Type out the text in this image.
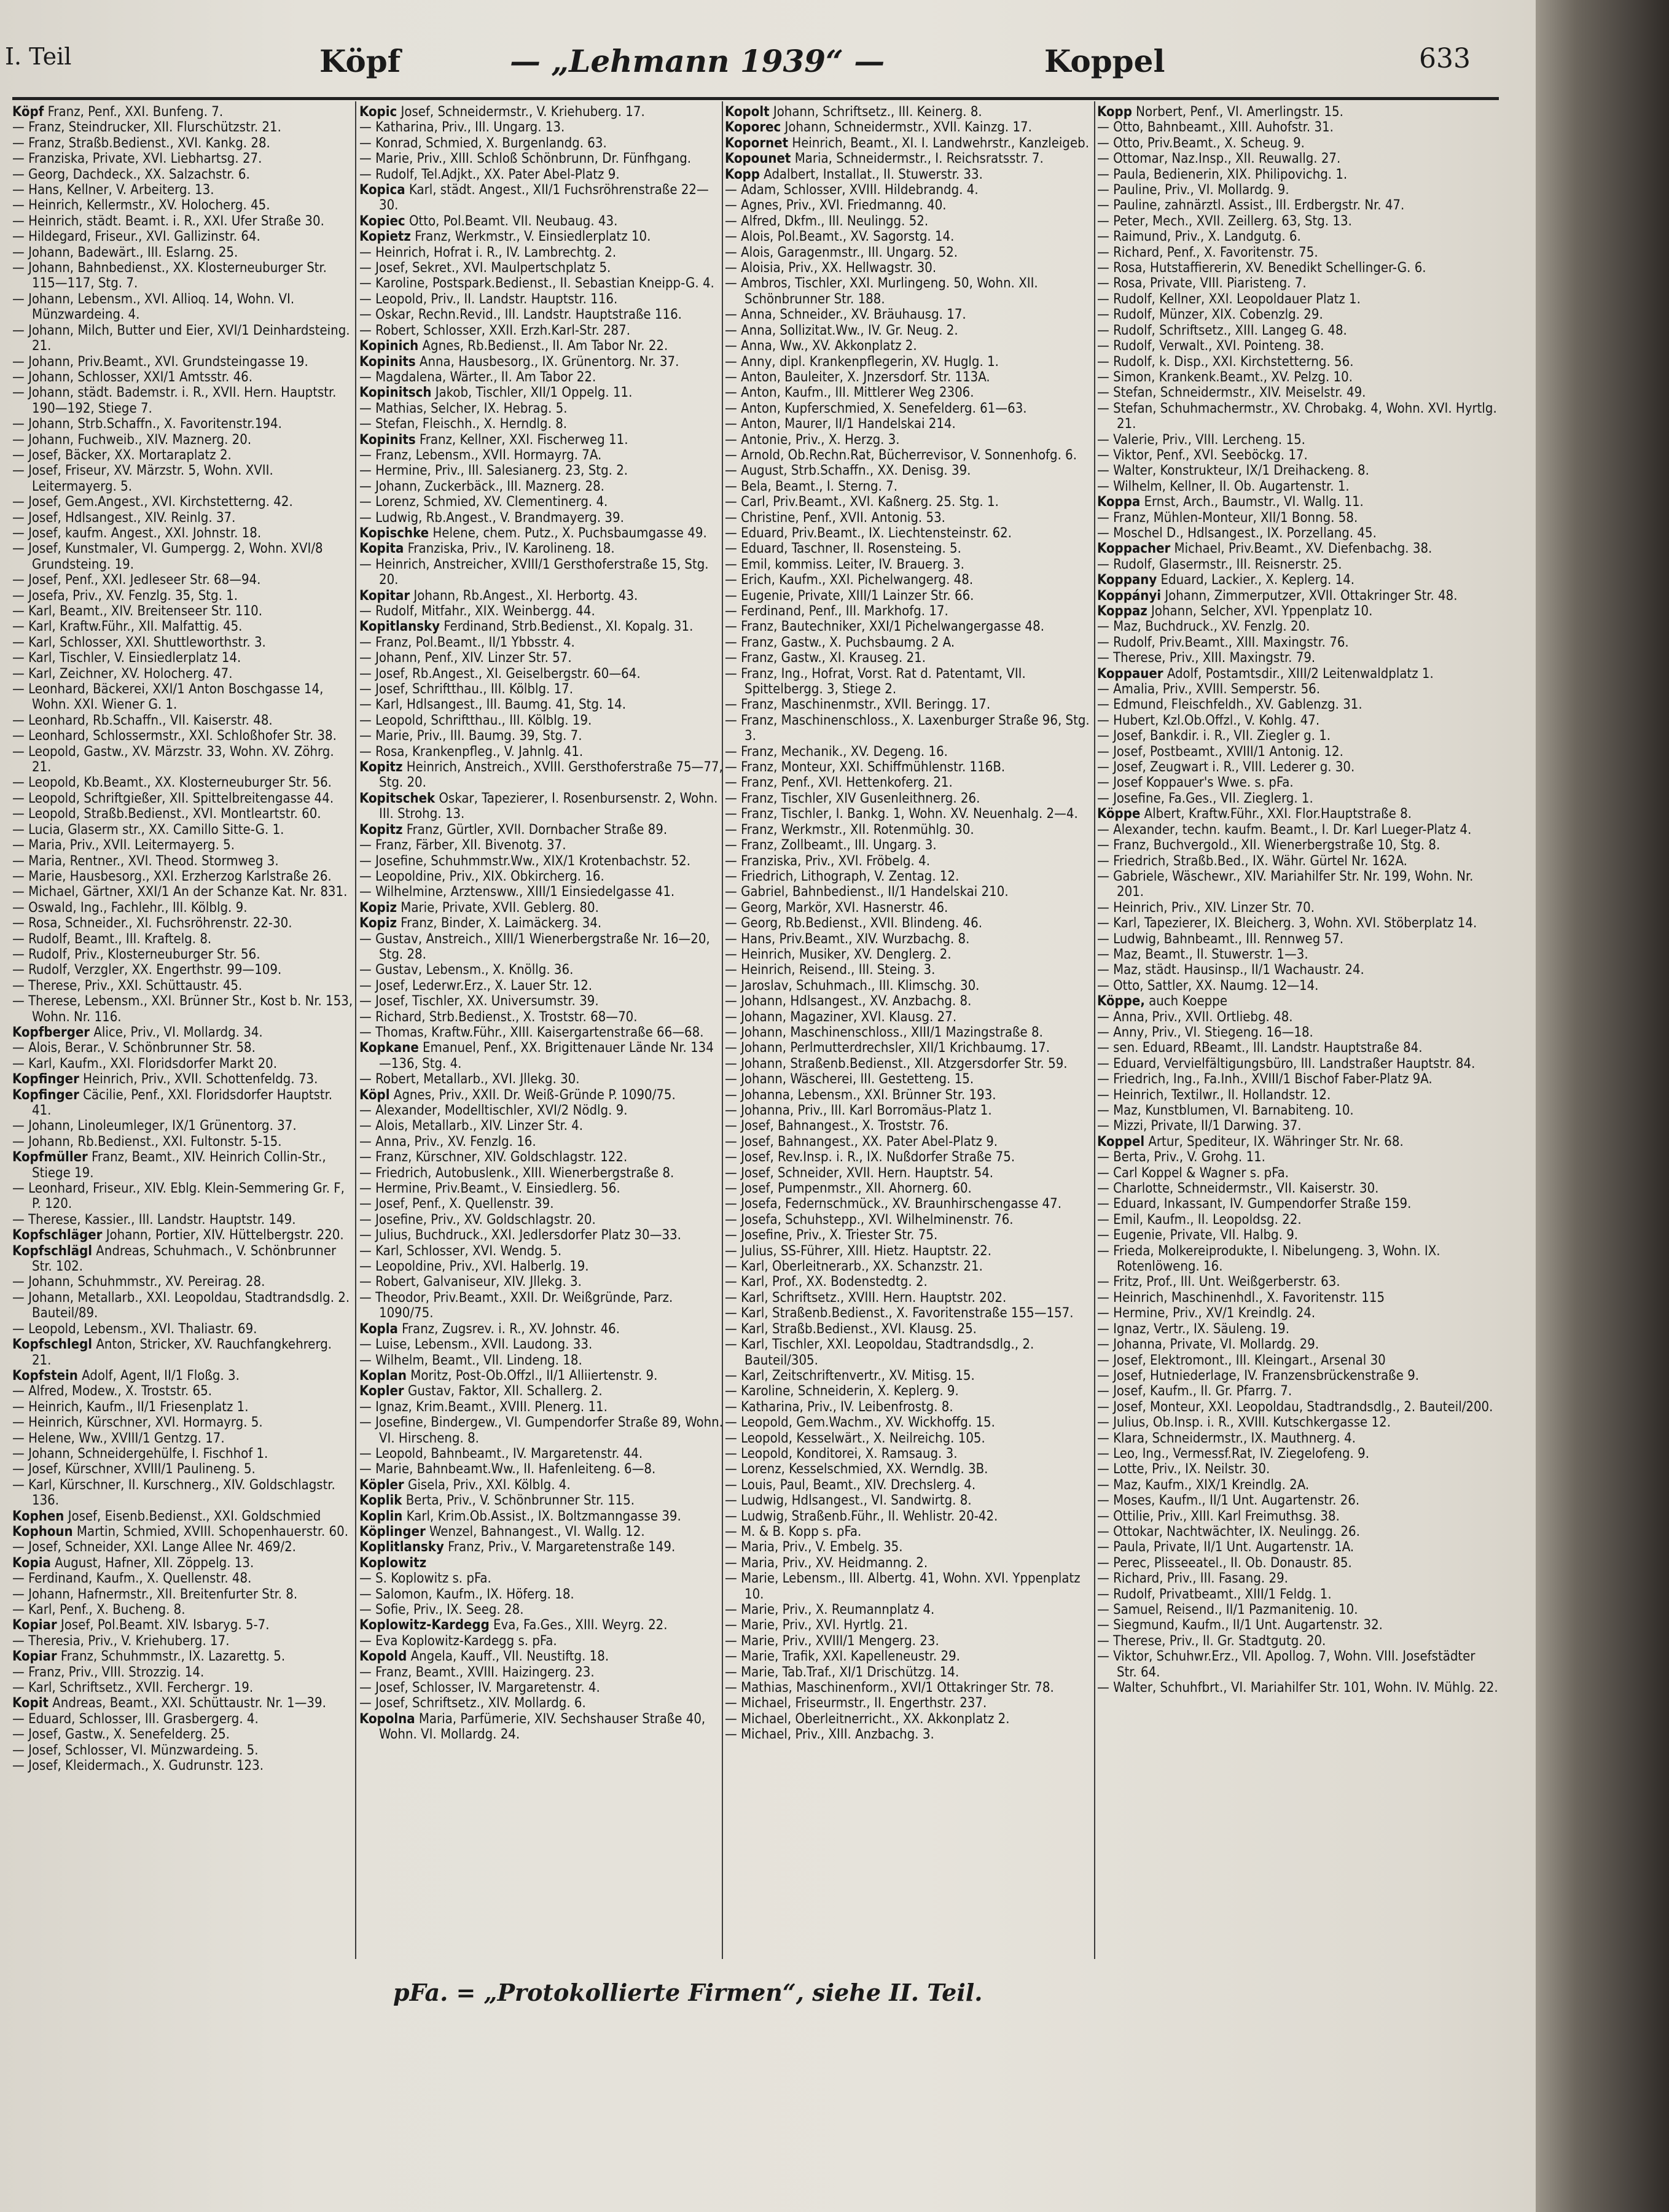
I. Teil	Köpf	— „Lehmann 1939“ —	Koppel	633

Köpf Franz, Penf., XXI. Bunfeng. 7.

— Franz, Steindrucker, XII. Flurschützstr. 21.

— Franz, Straßb.Bedienst., XVI. Kankg. 28.

— Franziska, Private, XVI. Liebhartsg. 27.

— Georg, Dachdeck., XX. Salzachstr. 6.

— Hans, Kellner, V. Arbeiterg. 13.

— Heinrich, Kellermstr., XV. Holocherg. 45.

— Heinrich, städt. Beamt. i. R., XXI. Ufer Straße 30.

— Hildegard, Friseur., XVI. Gallizinstr. 64.

— Johann, Badewärt., III. Eslarng. 25.

— Johann, Bahnbedienst., XX. Klosterneuburger Str. 115—117, Stg. 7.

— Johann, Lebensm., XVI. Allioq. 14, Wohn. VI. Münzwardeing. 4.

— Johann, Milch, Butter und Eier, XVI/1 Deinhardsteing. 21.

— Johann, Priv.Beamt., XVI. Grundsteingasse 19.

— Johann, Schlosser, XXI/1 Amtsstr. 46.

— Johann, städt. Bademstr. i. R., XVII. Hern. Hauptstr. 190—192, Stiege 7.

— Johann, Strb.Schaffn., X. Favoritenstr.194.

— Johann, Fuchweib., XIV. Maznerg. 20.

— Josef, Bäcker, XX. Mortaraplatz 2.

— Josef, Friseur, XV. Märzstr. 5, Wohn. XVII. Leitermayerg. 5.

— Josef, Gem.Angest., XVI. Kirchstetterng. 42.

— Josef, Hdlsangest., XIV. Reinlg. 37.

— Josef, kaufm. Angest., XXI. Johnstr. 18.

— Josef, Kunstmaler, VI. Gumpergg. 2, Wohn. XVI/8 Grundsteing. 19.

— Josef, Penf., XXI. Jedleseer Str. 68—94.

— Josefa, Priv., XV. Fenzlg. 35, Stg. 1.

— Karl, Beamt., XIV. Breitenseer Str. 110.

— Karl, Kraftw.Führ., XII. Malfattig. 45.

— Karl, Schlosser, XXI. Shuttleworthstr. 3.

— Karl, Tischler, V. Einsiedlerplatz 14.

— Karl, Zeichner, XV. Holocherg. 47.

— Leonhard, Bäckerei, XXI/1 Anton Boschgasse 14, Wohn. XXI. Wiener G. 1.

— Leonhard, Rb.Schaffn., VII. Kaiserstr. 48.

— Leonhard, Schlossermstr., XXI. Schloßhofer Str. 38.

— Leopold, Gastw., XV. Märzstr. 33, Wohn. XV. Zöhrg. 21.

— Leopold, Kb.Beamt., XX. Klosterneuburger Str. 56.

— Leopold, Schriftgießer, XII. Spittelbreitengasse 44.

— Leopold, Straßb.Bedienst., XVI. Montleartstr. 60.

— Lucia, Glaserm str., XX. Camillo Sitte-G. 1.

— Maria, Priv., XVII. Leitermayerg. 5.

— Maria, Rentner., XVI. Theod. Stormweg 3.

— Marie, Hausbesorg., XXI. Erzherzog Karlstraße 26.

— Michael, Gärtner, XXI/1 An der Schanze Kat. Nr. 831.

— Oswald, Ing., Fachlehr., III. Kölblg. 9.

— Rosa, Schneider., XI. Fuchsröhrenstr. 22-30.

— Rudolf, Beamt., III. Kraftelg. 8.

— Rudolf, Priv., Klosterneuburger Str. 56.

— Rudolf, Verzgler, XX. Engerthstr. 99—109.

— Therese, Priv., XXI. Schüttaustr. 45.

— Therese, Lebensm., XXI. Brünner Str., Kost b. Nr. 153, Wohn. Nr. 116.

Kopfberger Alice, Priv., VI. Mollardg. 34.

— Alois, Berar., V. Schönbrunner Str. 58.

— Karl, Kaufm., XXI. Floridsdorfer Markt 20.

Kopfinger Heinrich, Priv., XVII. Schottenfeldg. 73.

Kopfinger Cäcilie, Penf., XXI. Floridsdorfer Hauptstr. 41.

— Johann, Linoleumleger, IX/1 Grünentorg. 37.

— Johann, Rb.Bedienst., XXI. Fultonstr. 5-15.

Kopfmüller Franz, Beamt., XIV. Heinrich Collin-Str., Stiege 19.

— Leonhard, Friseur., XIV. Eblg. Klein-Semmering Gr. F, P. 120.

— Therese, Kassier., III. Landstr. Hauptstr. 149.

Kopfschläger Johann, Portier, XIV. Hüttelbergstr. 220.

Kopfschlägl Andreas, Schuhmach., V. Schönbrunner Str. 102.

— Johann, Schuhmmstr., XV. Pereirag. 28.

— Johann, Metallarb., XXI. Leopoldau, Stadtrandsdlg. 2. Bauteil/89.

— Leopold, Lebensm., XVI. Thaliastr. 69.

Kopfschlegl Anton, Stricker, XV. Rauchfangkehrerg. 21.

Kopfstein Adolf, Agent, II/1 Floßg. 3.

— Alfred, Modew., X. Troststr. 65.

— Heinrich, Kaufm., II/1 Friesenplatz 1.

— Heinrich, Kürschner, XVI. Hormayrg. 5.

— Helene, Ww., XVIII/1 Gentzg. 17.

— Johann, Schneidergehülfe, I. Fischhof 1.

— Josef, Kürschner, XVIII/1 Paulineng. 5.

— Karl, Kürschner, II. Kurschnerg., XIV. Goldschlagstr. 136.

Kophen Josef, Eisenb.Bedienst., XXI. Goldschmied

Kophoun Martin, Schmied, XVIII. Schopenhauerstr. 60.

— Josef, Schneider, XXI. Lange Allee Nr. 469/2.

Kopia August, Hafner, XII. Zöppelg. 13.

— Ferdinand, Kaufm., X. Quellenstr. 48.

— Johann, Hafnermstr., XII. Breitenfurter Str. 8.

— Karl, Penf., X. Bucheng. 8.

Kopiar Josef, Pol.Beamt. XIV. Isbaryg. 5-7.

— Theresia, Priv., V. Kriehuberg. 17.

Kopiar Franz, Schuhmmstr., IX. Lazarettg. 5.

— Franz, Priv., VIII. Strozzig. 14.

— Karl, Schriftsetz., XVII. Ferchergг. 19.

Kopit Andreas, Beamt., XXI. Schüttaustr. Nr. 1—39.

— Eduard, Schlosser, III. Grasbergerg. 4.

— Josef, Gastw., X. Senefelderg. 25.

— Josef, Schlosser, VI. Münzwardeing. 5.

— Josef, Kleidermach., X. Gudrunstr. 123.

Kopic Josef, Schneidermstr., V. Kriehuberg. 17.

— Katharina, Priv., III. Ungarg. 13.

— Konrad, Schmied, X. Burgenlandg. 63.

— Marie, Priv., XIII. Schloß Schönbrunn, Dr. Fünfhgang.

— Rudolf, Tel.Adjkt., XX. Pater Abel-Platz 9.

Kopica Karl, städt. Angest., XII/1 Fuchsröhrenstraße 22—30.

Kopiec Otto, Pol.Beamt. VII. Neubaug. 43.

Kopietz Franz, Werkmstr., V. Einsiedlerplatz 10.

— Heinrich, Hofrat i. R., IV. Lambrechtg. 2.

— Josef, Sekret., XVI. Maulpertschplatz 5.

— Karoline, Postspark.Bedienst., II. Sebastian Kneipp-G. 4.

— Leopold, Priv., II. Landstr. Hauptstr. 116.

— Oskar, Rechn.Revid., III. Landstr. Hauptstraße 116.

— Robert, Schlosser, XXII. Erzh.Karl-Str. 287.

Kopinich Agnes, Rb.Bedienst., II. Am Tabor Nr. 22.

Kopinits Anna, Hausbesorg., IX. Grünentorg. Nr. 37.

— Magdalena, Wärter., II. Am Tabor 22.

Kopinitsch Jakob, Tischler, XII/1 Oppelg. 11.

— Mathias, Selcher, IX. Hebrag. 5.

— Stefan, Fleischh., X. Herndlg. 8.

Kopinits Franz, Kellner, XXI. Fischerweg 11.

— Franz, Lebensm., XVII. Hormayrg. 7A.

— Hermine, Priv., III. Salesianerg. 23, Stg. 2.

— Johann, Zuckerbäck., III. Maznerg. 28.

— Lorenz, Schmied, XV. Clementinerg. 4.

— Ludwig, Rb.Angest., V. Brandmayerg. 39.

Kopischke Helene, chem. Putz., X. Puchsbaumgasse 49.

Kopita Franziska, Priv., IV. Karolineng. 18.

— Heinrich, Anstreicher, XVIII/1 Gersthoferstraße 15, Stg. 20.

Kopitar Johann, Rb.Angest., XI. Herbortg. 43.

— Rudolf, Mitfahr., XIX. Weinbergg. 44.

Kopitlansky Ferdinand, Strb.Bedienst., XI. Kopalg. 31.

— Franz, Pol.Beamt., II/1 Ybbsstr. 4.

— Johann, Penf., XIV. Linzer Str. 57.

— Josef, Rb.Angest., XI. Geiselbergstr. 60—64.

— Josef, Schriftthau., III. Kölblg. 17.

— Karl, Hdlsangest., III. Baumg. 41, Stg. 14.

— Leopold, Schriftthau., III. Kölblg. 19.

— Marie, Priv., III. Baumg. 39, Stg. 7.

— Rosa, Krankenpfleg., V. Jahnlg. 41.

Kopitz Heinrich, Anstreich., XVIII. Gersthoferstraße 75—77, Stg. 20.

Kopitschek Oskar, Tapezierer, I. Rosenbursenstr. 2, Wohn. III. Strohg. 13.

Kopitz Franz, Gürtler, XVII. Dornbacher Straße 89.

— Franz, Färber, XII. Bivenotg. 37.

— Josefine, Schuhmmstr.Ww., XIX/1 Krotenbachstr. 52.

— Leopoldine, Priv., XIX. Obkircherg. 16.

— Wilhelmine, Arztensww., XIII/1 Einsiedelgasse 41.

Kopiz Marie, Private, XVII. Geblerg. 80.

Kopiz Franz, Binder, X. Laimäckerg. 34.

— Gustav, Anstreich., XIII/1 Wienerbergstraße Nr. 16—20, Stg. 28.

— Gustav, Lebensm., X. Knöllg. 36.

— Josef, Lederwr.Erz., X. Lauer Str. 12.

— Josef, Tischler, XX. Universumstr. 39.

— Richard, Strb.Bedienst., X. Troststr. 68—70.

— Thomas, Kraftw.Führ., XIII. Kaisergartenstraße 66—68.

Kopkane Emanuel, Penf., XX. Brigittenauer Lände Nr. 134—136, Stg. 4.

— Robert, Metallarb., XVI. Jllekg. 30.

Köpl Agnes, Priv., XXII. Dr. Weiß-Gründe P. 1090/75.

— Alexander, Modelltischler, XVI/2 Nödlg. 9.

— Alois, Metallarb., XIV. Linzer Str. 4.

— Anna, Priv., XV. Fenzlg. 16.

— Franz, Kürschner, XIV. Goldschlagstr. 122.

— Friedrich, Autobuslenk., XIII. Wienerbergstraße 8.

— Hermine, Priv.Beamt., V. Einsiedlerg. 56.

— Josef, Penf., X. Quellenstr. 39.

— Josefine, Priv., XV. Goldschlagstr. 20.

— Julius, Buchdruck., XXI. Jedlersdorfer Platz 30—33.

— Karl, Schlosser, XVI. Wendg. 5.

— Leopoldine, Priv., XVI. Halberlg. 19.

— Robert, Galvaniseur, XIV. Jllekg. 3.

— Theodor, Priv.Beamt., XXII. Dr. Weißgründe, Parz. 1090/75.

Kopla Franz, Zugsrev. i. R., XV. Johnstr. 46.

— Luise, Lebensm., XVII. Laudong. 33.

— Wilhelm, Beamt., VII. Lindeng. 18.

Koplan Moritz, Post-Ob.Offzl., II/1 Alliiertenstr. 9.

Kopler Gustav, Faktor, XII. Schallerg. 2.

— Ignaz, Krim.Beamt., XVIII. Plenerg. 11.

— Josefine, Bindergew., VI. Gumpendorfer Straße 89, Wohn. VI. Hirscheng. 8.

— Leopold, Bahnbeamt., IV. Margaretenstr. 44.

— Marie, Bahnbeamt.Ww., II. Hafenleiteng. 6—8.

Köpler Gisela, Priv., XXI. Kölblg. 4.

Koplik Berta, Priv., V. Schönbrunner Str. 115.

Koplin Karl, Krim.Ob.Assist., IX. Boltzmanngasse 39.

Köplinger Wenzel, Bahnangest., VI. Wallg. 12.

Koplitlansky Franz, Priv., V. Margaretenstraße 149.

Koplowitz

— S. Koplowitz s. pFa.

— Salomon, Kaufm., IX. Höferg. 18.

— Sofie, Priv., IX. Seeg. 28.

Koplowitz-Kardegg Eva, Fa.Ges., XIII. Weyrg. 22.

— Eva Koplowitz-Kardegg s. pFa.

Kopold Angela, Kauff., VII. Neustiftg. 18.

— Franz, Beamt., XVIII. Haizingerg. 23.

— Josef, Schlosser, IV. Margaretenstr. 4.

— Josef, Schriftsetz., XIV. Mollardg. 6.

Kopolna Maria, Parfümerie, XIV. Sechshauser Straße 40, Wohn. VI. Mollardg. 24.

Kopolt Johann, Schriftsetz., III. Keinerg. 8.

Koporec Johann, Schneidermstr., XVII. Kainzg. 17.

Kopornet Heinrich, Beamt., XI. I. Landwehrstr., Kanzleigeb.

Kopounet Maria, Schneidermstr., I. Reichsratsstr. 7.

Kopp Adalbert, Installat., II. Stuwerstr. 33.

— Adam, Schlosser, XVIII. Hildebrandg. 4.

— Agnes, Priv., XVI. Friedmanng. 40.

— Alfred, Dkfm., III. Neulingg. 52.

— Alois, Pol.Beamt., XV. Sagorstg. 14.

— Alois, Garagenmstr., III. Ungarg. 52.

— Aloisia, Priv., XX. Hellwagstr. 30.

— Ambros, Tischler, XXI. Murlingeng. 50, Wohn. XII. Schönbrunner Str. 188.

— Anna, Schneider., XV. Bräuhausg. 17.

— Anna, Sollizitat.Ww., IV. Gr. Neug. 2.

— Anna, Ww., XV. Akkonplatz 2.

— Anny, dipl. Krankenpflegerin, XV. Huglg. 1.

— Anton, Bauleiter, X. Jnzersdorf. Str. 113A.

— Anton, Kaufm., III. Mittlerer Weg 2306.

— Anton, Kupferschmied, X. Senefelderg. 61—63.

— Anton, Maurer, II/1 Handelskai 214.

— Antonie, Priv., X. Herzg. 3.

— Arnold, Ob.Rechn.Rat, Bücherrevisor, V. Sonnenhofg. 6.

— August, Strb.Schaffn., XX. Denisg. 39.

— Bela, Beamt., I. Sterng. 7.

— Carl, Priv.Beamt., XVI. Kaßnerg. 25. Stg. 1.

— Christine, Penf., XVII. Antonig. 53.

— Eduard, Priv.Beamt., IX. Liechtensteinstr. 62.

— Eduard, Taschner, II. Rosensteing. 5.

— Emil, kommiss. Leiter, IV. Brauerg. 3.

— Erich, Kaufm., XXI. Pichelwangerg. 48.

— Eugenie, Private, XIII/1 Lainzer Str. 66.

— Ferdinand, Penf., III. Markhofg. 17.

— Franz, Bautechniker, XXI/1 Pichelwangergasse 48.

— Franz, Gastw., X. Puchsbaumg. 2 A.

— Franz, Gastw., XI. Krauseg. 21.

— Franz, Ing., Hofrat, Vorst. Rat d. Patentamt, VII. Spittelbergg. 3, Stiege 2.

— Franz, Maschinenmstr., XVII. Beringg. 17.

— Franz, Maschinenschloss., X. Laxenburger Straße 96, Stg. 3.

— Franz, Mechanik., XV. Degeng. 16.

— Franz, Monteur, XXI. Schiffmühlenstr. 116B.

— Franz, Penf., XVI. Hettenkoferg. 21.

— Franz, Tischler, XIV Gusenleithnerg. 26.

— Franz, Tischler, I. Bankg. 1, Wohn. XV. Neuenhalg. 2—4.

— Franz, Werkmstr., XII. Rotenmühlg. 30.

— Franz, Zollbeamt., III. Ungarg. 3.

— Franziska, Priv., XVI. Fröbelg. 4.

— Friedrich, Lithograph, V. Zentag. 12.

— Gabriel, Bahnbedienst., II/1 Handelskai 210.

— Georg, Markör, XVI. Hasnerstr. 46.

— Georg, Rb.Bedienst., XVII. Blindeng. 46.

— Hans, Priv.Beamt., XIV. Wurzbachg. 8.

— Heinrich, Musiker, XV. Denglerg. 2.

— Heinrich, Reisend., III. Steing. 3.

— Jaroslav, Schuhmach., III. Klimschg. 30.

— Johann, Hdlsangest., XV. Anzbachg. 8.

— Johann, Magaziner, XVI. Klausg. 27.

— Johann, Maschinenschloss., XIII/1 Mazingstraße 8.

— Johann, Perlmutterdrechsler, XII/1 Krichbaumg. 17.

— Johann, Straßenb.Bedienst., XII. Atzgersdorfer Str. 59.

— Johann, Wäschereі, III. Gestetteng. 15.

— Johanna, Lebensm., XXI. Brünner Str. 193.

— Johanna, Priv., III. Karl Borromäus-Platz 1.

— Josef, Bahnangest., X. Troststr. 76.

— Josef, Bahnangest., XX. Pater Abel-Platz 9.

— Josef, Rev.Insp. i. R., IX. Nußdorfer Straße 75.

— Josef, Schneider, XVII. Hern. Hauptstr. 54.

— Josef, Pumpenmstr., XII. Ahornerg. 60.

— Josefa, Federnschmück., XV. Braunhirschengasse 47.

— Josefa, Schuhstepp., XVI. Wilhelminenstr. 76.

— Josefine, Priv., X. Triester Str. 75.

— Julius, SS-Führer, XIII. Hietz. Hauptstr. 22.

— Karl, Oberleitnerarb., XX. Schanzstr. 21.

— Karl, Prof., XX. Bodenstedtg. 2.

— Karl, Schriftsetz., XVIII. Hern. Hauptstr. 202.

— Karl, Straßenb.Bedienst., X. Favoritenstraße 155—157.

— Karl, Straßb.Bedienst., XVI. Klausg. 25.

— Karl, Tischler, XXI. Leopoldau, Stadtrandsdlg., 2. Bauteil/305.

— Karl, Zeitschriftenvertr., XV. Mitisg. 15.

— Karoline, Schneiderin, X. Keplerg. 9.

— Katharina, Priv., IV. Leibenfrostg. 8.

— Leopold, Gem.Wachm., XV. Wickhoffg. 15.

— Leopold, Kesselwärt., X. Neilreichg. 105.

— Leopold, Konditorei, X. Ramsaug. 3.

— Lorenz, Kesselschmied, XX. Werndlg. 3B.

— Louis, Paul, Beamt., XIV. Drechslerg. 4.

— Ludwig, Hdlsangest., VI. Sandwirtg. 8.

— Ludwig, Straßenb.Führ., II. Wehlistr. 20-42.

— M. & B. Kopp s. pFa.

— Maria, Priv., V. Embelg. 35.

— Maria, Priv., XV. Heidmanng. 2.

— Marie, Lebensm., III. Albertg. 41, Wohn. XVI. Yppenplatz 10.

— Marie, Priv., X. Reumannplatz 4.

— Marie, Priv., XVI. Hyrtlg. 21.

— Marie, Priv., XVIII/1 Mengerg. 23.

— Marie, Trafik, XXI. Kapelleneustr. 29.

— Marie, Tab.Traf., XI/1 Drischützg. 14.

— Mathias, Maschinenform., XVI/1 Ottakringer Str. 78.

— Michael, Friseurmstr., II. Engerthstr. 237.

— Michael, Oberleitnerricht., XX. Akkonplatz 2.

— Michael, Priv., XIII. Anzbachg. 3.

Kopp Norbert, Penf., VI. Amerlingstr. 15.

— Otto, Bahnbeamt., XIII. Auhofstr. 31.

— Otto, Priv.Beamt., X. Scheug. 9.

— Ottomar, Naz.Insp., XII. Reuwallg. 27.

— Paula, Bedienerin, XIX. Philipovichg. 1.

— Pauline, Priv., VI. Mollardg. 9.

— Pauline, zahnärztl. Assist., III. Erdbergstr. Nr. 47.

— Peter, Mech., XVII. Zeillerg. 63, Stg. 13.

— Raimund, Priv., X. Landgutg. 6.

— Richard, Penf., X. Favoritenstr. 75.

— Rosa, Hutstaffiererin, XV. Benedikt Schellinger-G. 6.

— Rosa, Private, VIII. Piaristeng. 7.

— Rudolf, Kellner, XXI. Leopoldauer Platz 1.

— Rudolf, Münzer, XIX. Cobenzlg. 29.

— Rudolf, Schriftsetz., XIII. Langeg G. 48.

— Rudolf, Verwalt., XVI. Pointeng. 38.

— Rudolf, k. Disp., XXI. Kirchstetterng. 56.

— Simon, Krankenk.Beamt., XV. Pelzg. 10.

— Stefan, Schneidermstr., XIV. Meiselstr. 49.

— Stefan, Schuhmachermstr., XV. Chrobakg. 4, Wohn. XVI. Hyrtlg. 21.

— Valerie, Priv., VIII. Lercheng. 15.

— Viktor, Penf., XVI. Seeböckg. 17.

— Walter, Konstrukteur, IX/1 Dreihackeng. 8.

— Wilhelm, Kellner, II. Ob. Augartenstr. 1.

Koppa Ernst, Arch., Baumstr., VI. Wallg. 11.

— Franz, Mühlen-Monteur, XII/1 Bonng. 58.

— Moschel D., Hdlsangest., IX. Porzellang. 45.

Koppacher Michael, Priv.Beamt., XV. Diefenbachg. 38.

— Rudolf, Glasermstr., III. Reisnerstr. 25.

Koppany Eduard, Lackier., X. Keplerg. 14.

Koppányi Johann, Zimmerputzer, XVII. Ottakringer Str. 48.

Koppaz Johann, Selcher, XVI. Yppenplatz 10.

— Maz, Buchdruck., XV. Fenzlg. 20.

— Rudolf, Priv.Beamt., XIII. Maxingstr. 76.

— Therese, Priv., XIII. Maxingstr. 79.

Koppauer Adolf, Postamtsdir., XIII/2 Leitenwaldplatz 1.

— Amalia, Priv., XVIII. Semperstr. 56.

— Edmund, Fleischfeldh., XV. Gablenzg. 31.

— Hubert, Kzl.Ob.Offzl., V. Kohlg. 47.

— Josef, Bankdir. i. R., VII. Ziegler g. 1.

— Josef, Postbeamt., XVIII/1 Antonig. 12.

— Josef, Zeugwart i. R., VIII. Lederer g. 30.

— Josef Koppauer's Wwe. s. pFa.

— Josefine, Fa.Ges., VII. Zieglerg. 1.

Köppe Albert, Kraftw.Führ., XXI. Flor.Hauptstraße 8.

— Alexander, techn. kaufm. Beamt., I. Dr. Karl Lueger-Platz 4.

— Franz, Buchvergold., XII. Wienerbergstraße 10, Stg. 8.

— Friedrich, Straßb.Bed., IX. Währ. Gürtel Nr. 162A.

— Gabriele, Wäschewr., XIV. Mariahilfer Str. Nr. 199, Wohn. Nr. 201.

— Heinrich, Priv., XIV. Linzer Str. 70.

— Karl, Tapezierer, IX. Bleicherg. 3, Wohn. XVI. Stöberplatz 14.

— Ludwig, Bahnbeamt., III. Rennweg 57.

— Maz, Beamt., II. Stuwerstr. 1—3.

— Maz, städt. Hausinsp., II/1 Wachaustr. 24.

— Otto, Sattler, XX. Naumg. 12—14.

Köppe, auch Koeppe

— Anna, Priv., XVII. Ortliebg. 48.

— Anny, Priv., VI. Stiegeng. 16—18.

— sen. Eduard, RBeamt., III. Landstr. Hauptstraße 84.

— Eduard, Vervielfältigungsbüro, III. Landstraßer Hauptstr. 84.

— Friedrich, Ing., Fa.Inh., XVIII/1 Bischof Faber-Platz 9A.

— Heinrich, Textilwr., II. Hollandstr. 12.

— Maz, Kunstblumen, VI. Barnabiteng. 10.

— Mizzi, Private, II/1 Darwing. 37.

Koppel Artur, Spediteur, IX. Währinger Str. Nr. 68.

— Berta, Priv., V. Grohg. 11.

— Carl Koppel & Wagner s. pFa.

— Charlotte, Schneidermstr., VII. Kaiserstr. 30.

— Eduard, Inkassant, IV. Gumpendorfer Straße 159.

— Emil, Kaufm., II. Leopoldsg. 22.

— Eugenie, Private, VII. Halbg. 9.

— Frieda, Molkereiprodukte, I. Nibelungeng. 3, Wohn. IX. Rotenlöweng. 16.

— Fritz, Prof., III. Unt. Weißgerberstr. 63.

— Heinrich, Maschinenhdl., X. Favoritenstr. 115

— Hermine, Priv., XV/1 Kreindlg. 24.

— Ignaz, Vertr., IX. Säuleng. 19.

— Johanna, Private, VI. Mollardg. 29.

— Josef, Elektromont., III. Kleingart., Arsenal 30

— Josef, Hutniederlage, IV. Franzensbrückenstraße 9.

— Josef, Kaufm., II. Gr. Pfarrg. 7.

— Josef, Monteur, XXI. Leopoldau, Stadtrandsdlg., 2. Bauteil/200.

— Julius, Ob.Insp. i. R., XVIII. Kutschkergasse 12.

— Klara, Schneidermstr., IX. Mauthnerg. 4.

— Leo, Ing., Vermessf.Rat, IV. Ziegelofeng. 9.

— Lotte, Priv., IX. Neilstr. 30.

— Maz, Kaufm., XIX/1 Kreindlg. 2A.

— Moses, Kaufm., II/1 Unt. Augartenstr. 26.

— Ottilie, Priv., XIII. Karl Freimuthsg. 38.

— Ottokar, Nachtwächter, IX. Neulingg. 26.

— Paula, Private, II/1 Unt. Augartenstr. 1A.

— Perec, Plisseeatel., II. Ob. Donaustr. 85.

— Richard, Priv., III. Fasang. 29.

— Rudolf, Privatbeamt., XIII/1 Feldg. 1.

— Samuel, Reisend., II/1 Pazmanitenig. 10.

— Siegmund, Kaufm., II/1 Unt. Augartenstr. 32.

— Therese, Priv., II. Gr. Stadtgutg. 20.

— Viktor, Schuhwr.Erz., VII. Apollog. 7, Wohn. VIII. Josefstädter Str. 64.

— Walter, Schuhfbrt., VI. Mariahilfer Str. 101, Wohn. IV. Mühlg. 22.

pFa. = „Protokollierte Firmen“, siehe II. Teil.
